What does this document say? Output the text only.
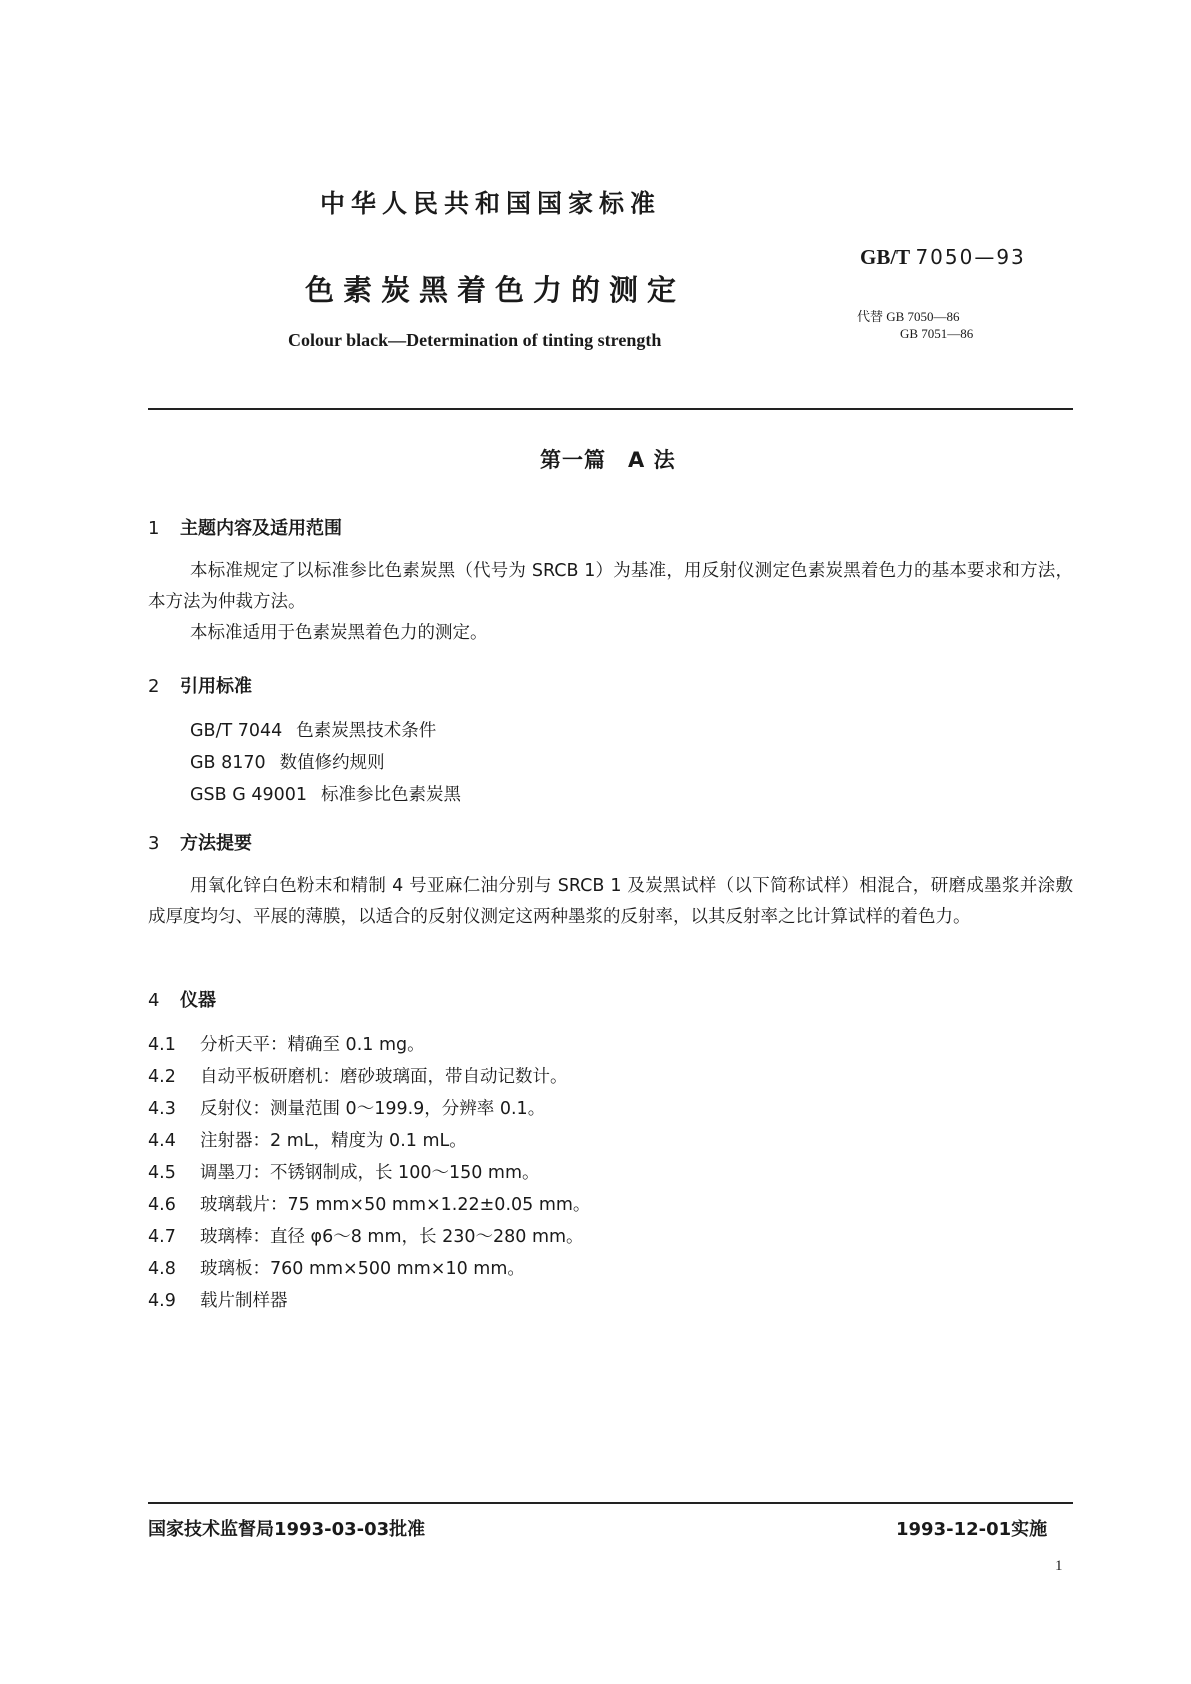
中华人民共和国国家标准
色素炭黑着色力的测定
Colour black—Determination of tinting strength
GB/T 7050—93
代替 GB 7050—86
GB 7051—86
第一篇　A 法
1 主题内容及适用范围
本标准规定了以标准参比色素炭黑（代号为 SRCB 1）为基准，用反射仪测定色素炭黑着色力的基本要求和方法，本方法为仲裁方法。
本标准适用于色素炭黑着色力的测定。
2 引用标准
GB/T 7044 色素炭黑技术条件
GB 8170 数值修约规则
GSB G 49001 标准参比色素炭黑
3 方法提要
用氧化锌白色粉末和精制 4 号亚麻仁油分别与 SRCB 1 及炭黑试样（以下简称试样）相混合，研磨成墨浆并涂敷成厚度均匀、平展的薄膜，以适合的反射仪测定这两种墨浆的反射率，以其反射率之比计算试样的着色力。
4 仪器
4.1 分析天平：精确至 0.1 mg。
4.2 自动平板研磨机：磨砂玻璃面，带自动记数计。
4.3 反射仪：测量范围 0～199.9，分辨率 0.1。
4.4 注射器：2 mL，精度为 0.1 mL。
4.5 调墨刀：不锈钢制成，长 100～150 mm。
4.6 玻璃载片：75 mm×50 mm×1.22±0.05 mm。
4.7 玻璃棒：直径 φ6～8 mm，长 230～280 mm。
4.8 玻璃板：760 mm×500 mm×10 mm。
4.9 载片制样器
国家技术监督局1993-03-03批准	1993-12-01实施
1
